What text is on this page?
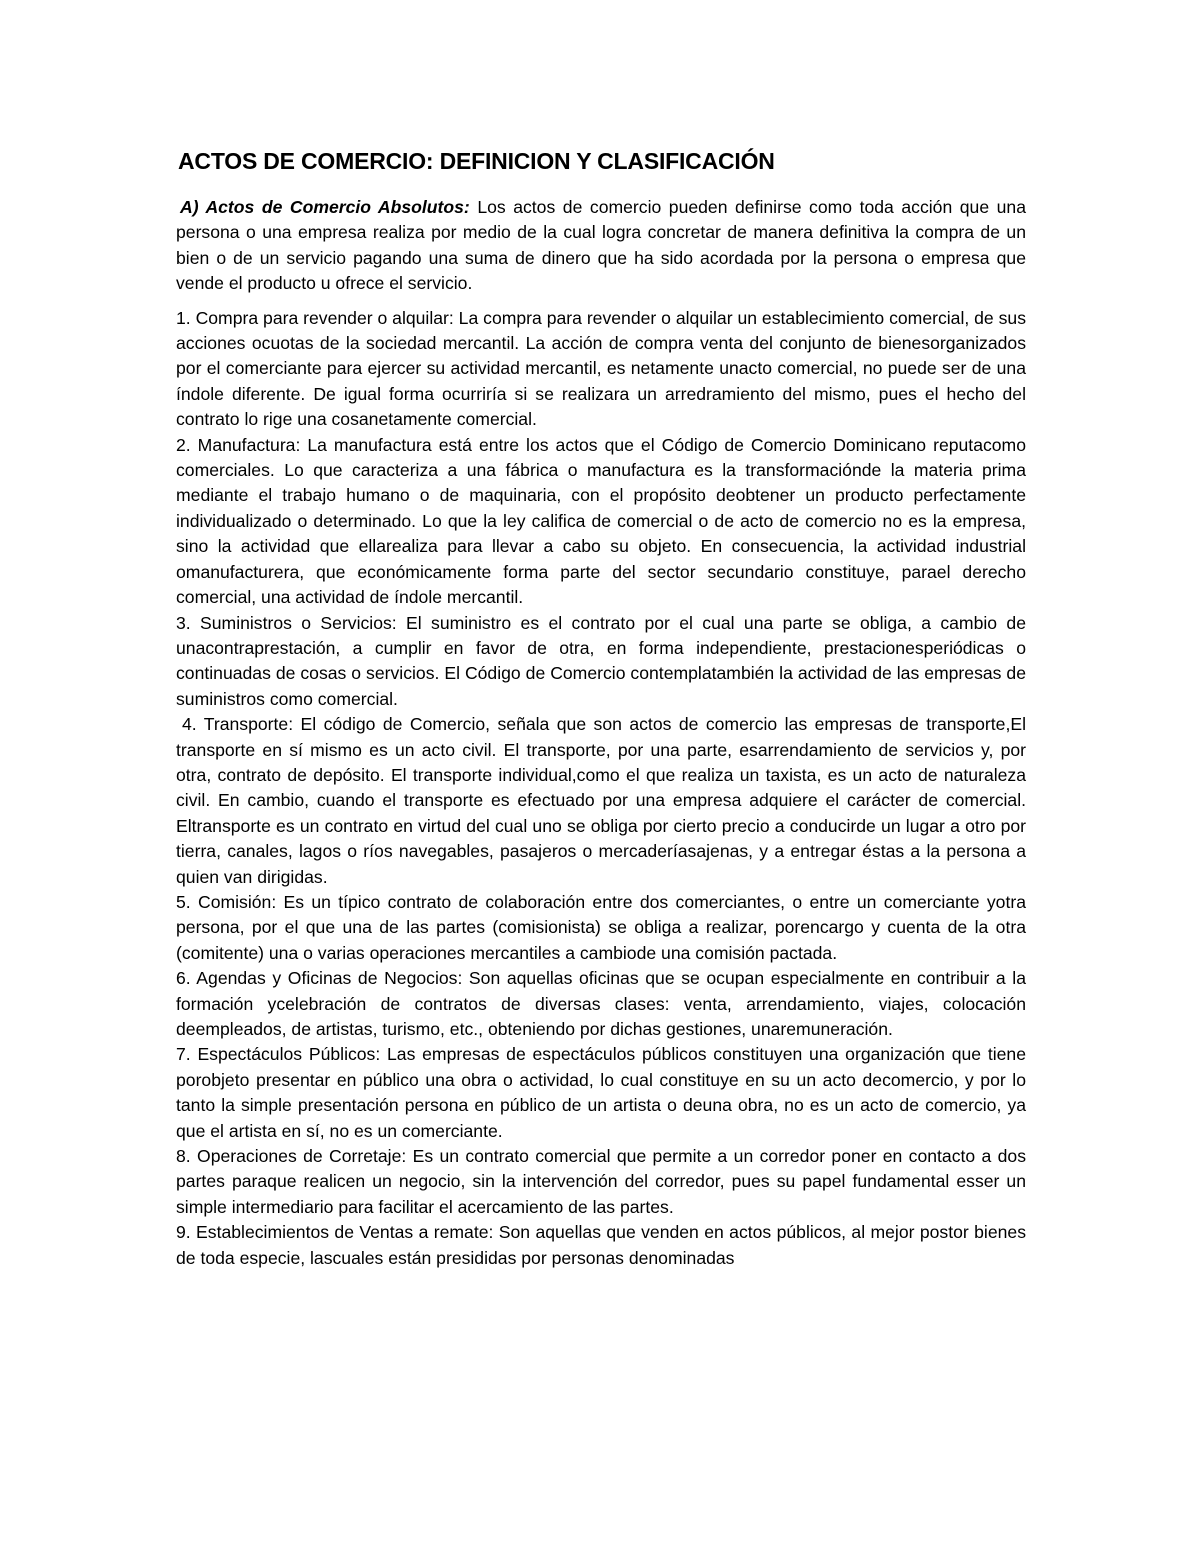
ACTOS DE COMERCIO: DEFINICION Y CLASIFICACIÓN

A) Actos de Comercio Absolutos: Los actos de comercio pueden definirse como toda acción que una persona o una empresa realiza por medio de la cual logra concretar de manera definitiva la compra de un bien o de un servicio pagando una suma de dinero que ha sido acordada por la persona o empresa que vende el producto u ofrece el servicio.

1. Compra para revender o alquilar: La compra para revender o alquilar un establecimiento comercial, de sus acciones ocuotas de la sociedad mercantil. La acción de compra venta del conjunto de bienesorganizados por el comerciante para ejercer su actividad mercantil, es netamente unacto comercial, no puede ser de una índole diferente. De igual forma ocurriría si se realizara un arredramiento del mismo, pues el hecho del contrato lo rige una cosanetamente comercial.

2. Manufactura: La manufactura está entre los actos que el Código de Comercio Dominicano reputacomo comerciales. Lo que caracteriza a una fábrica o manufactura es la transformaciónde la materia prima mediante el trabajo humano o de maquinaria, con el propósito deobtener un producto perfectamente individualizado o determinado. Lo que la ley califica de comercial o de acto de comercio no es la empresa, sino la actividad que ellarealiza para llevar a cabo su objeto. En consecuencia, la actividad industrial omanufacturera, que económicamente forma parte del sector secundario constituye, parael derecho comercial, una actividad de índole mercantil.

3. Suministros o Servicios: El suministro es el contrato por el cual una parte se obliga, a cambio de unacontraprestación, a cumplir en favor de otra, en forma independiente, prestacionesperiódicas o continuadas de cosas o servicios. El Código de Comercio contemplatambién la actividad de las empresas de suministros como comercial.

4. Transporte: El código de Comercio, señala que son actos de comercio las empresas de transporte,El transporte en sí mismo es un acto civil. El transporte, por una parte, esarrendamiento de servicios y, por otra, contrato de depósito. El transporte individual,como el que realiza un taxista, es un acto de naturaleza civil. En cambio, cuando el transporte es efectuado por una empresa adquiere el carácter de comercial. Eltransporte es un contrato en virtud del cual uno se obliga por cierto precio a conducirde un lugar a otro por tierra, canales, lagos o ríos navegables, pasajeros o mercaderíasajenas, y a entregar éstas a la persona a quien van dirigidas.

5. Comisión: Es un típico contrato de colaboración entre dos comerciantes, o entre un comerciante yotra persona, por el que una de las partes (comisionista) se obliga a realizar, porencargo y cuenta de la otra (comitente) una o varias operaciones mercantiles a cambiode una comisión pactada.

6. Agendas y Oficinas de Negocios: Son aquellas oficinas que se ocupan especialmente en contribuir a la formación ycelebración de contratos de diversas clases: venta, arrendamiento, viajes, colocación deempleados, de artistas, turismo, etc., obteniendo por dichas gestiones, unaremuneración.

7. Espectáculos Públicos: Las empresas de espectáculos públicos constituyen una organización que tiene porobjeto presentar en público una obra o actividad, lo cual constituye en su un acto decomercio, y por lo tanto la simple presentación persona en público de un artista o deuna obra, no es un acto de comercio, ya que el artista en sí, no es un comerciante.

8. Operaciones de Corretaje: Es un contrato comercial que permite a un corredor poner en contacto a dos partes paraque realicen un negocio, sin la intervención del corredor, pues su papel fundamental esser un simple intermediario para facilitar el acercamiento de las partes.

9. Establecimientos de Ventas a remate: Son aquellas que venden en actos públicos, al mejor postor bienes de toda especie, lascuales están presididas por personas denominadas
